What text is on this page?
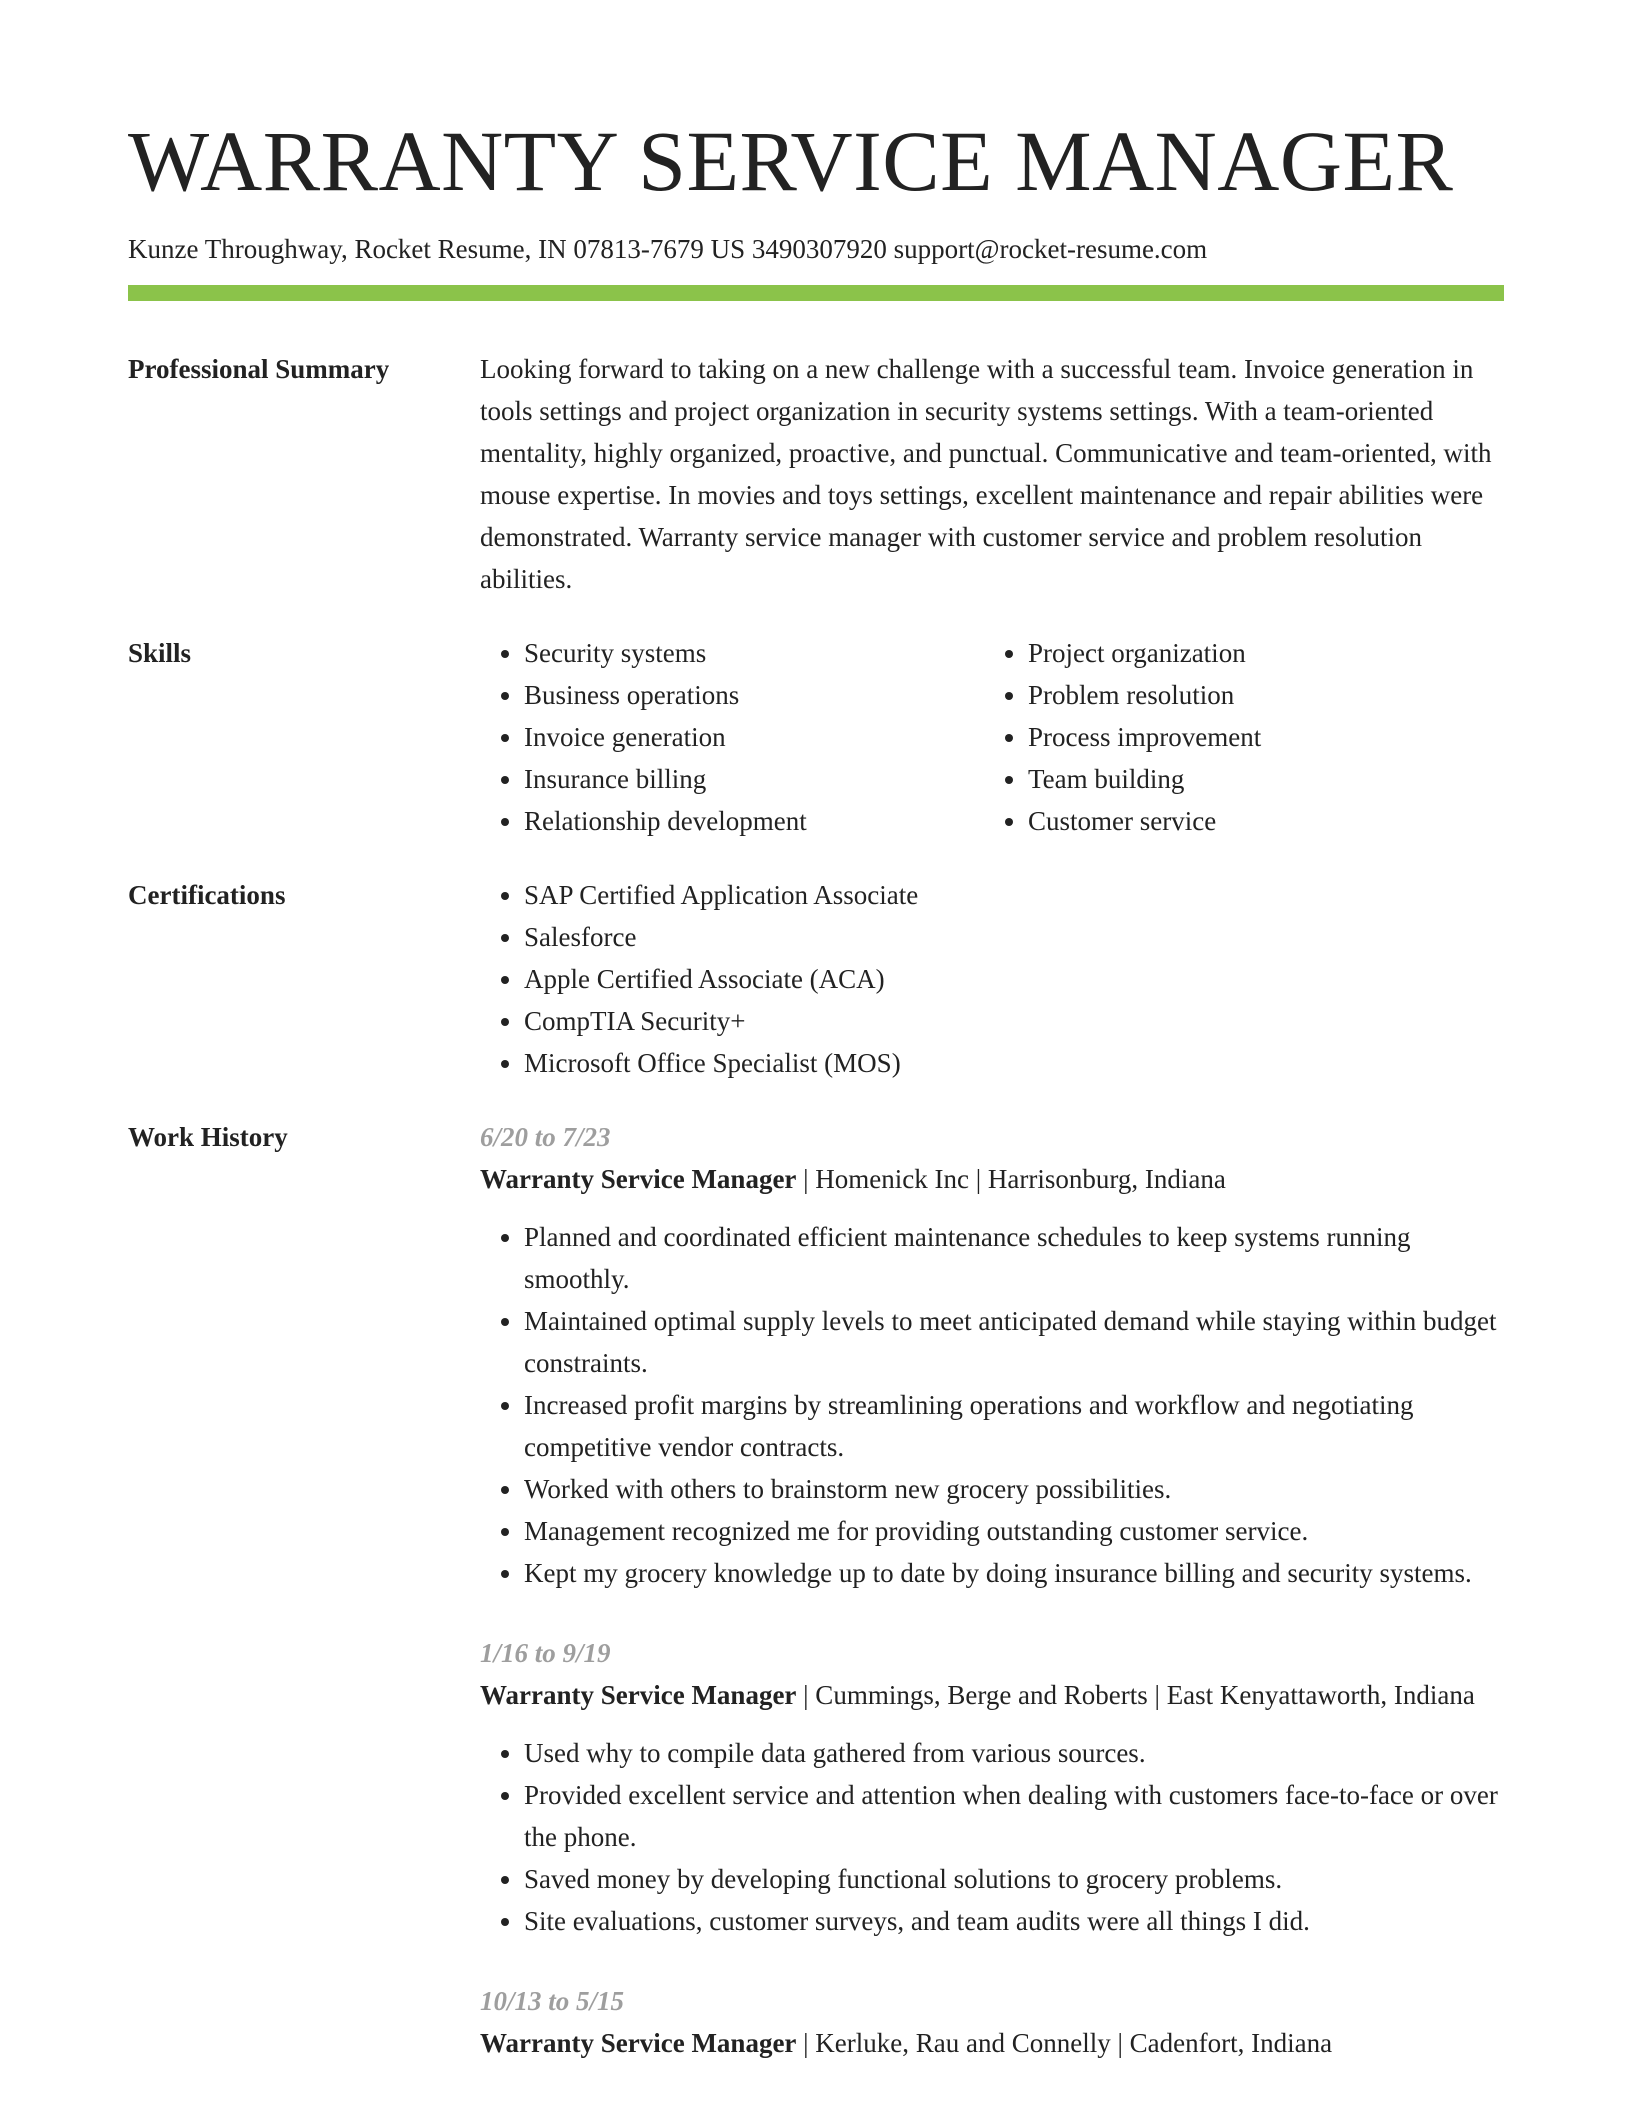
WARRANTY SERVICE MANAGER
Kunze Throughway, Rocket Resume, IN 07813-7679 US 3490307920 support@rocket-resume.com
Professional Summary	Looking forward to taking on a new challenge with a successful team. Invoice generation in tools settings and project organization in security systems settings. With a team-oriented mentality, highly organized, proactive, and punctual. Communicative and team-oriented, with mouse expertise. In movies and toys settings, excellent maintenance and repair abilities were demonstrated. Warranty service manager with customer service and problem resolution abilities.

Skills	• Security systems
• Business operations
• Invoice generation
• Insurance billing
• Relationship development
• Project organization
• Problem resolution
• Process improvement
• Team building
• Customer service
Certifications	• SAP Certified Application Associate
• Salesforce
• Apple Certified Associate (ACA)
• CompTIA Security+
• Microsoft Office Specialist (MOS)
Work History	6/20 to 7/23
Warranty Service Manager | Homenick Inc | Harrisonburg, Indiana
• Planned and coordinated efficient maintenance schedules to keep systems running smoothly.
• Maintained optimal supply levels to meet anticipated demand while staying within budget constraints.
• Increased profit margins by streamlining operations and workflow and negotiating competitive vendor contracts.
• Worked with others to brainstorm new grocery possibilities.
• Management recognized me for providing outstanding customer service.
• Kept my grocery knowledge up to date by doing insurance billing and security systems.
1/16 to 9/19
Warranty Service Manager | Cummings, Berge and Roberts | East Kenyattaworth, Indiana
• Used why to compile data gathered from various sources.
• Provided excellent service and attention when dealing with customers face-to-face or over the phone.
• Saved money by developing functional solutions to grocery problems.
• Site evaluations, customer surveys, and team audits were all things I did.
10/13 to 5/15
Warranty Service Manager | Kerluke, Rau and Connelly | Cadenfort, Indiana
